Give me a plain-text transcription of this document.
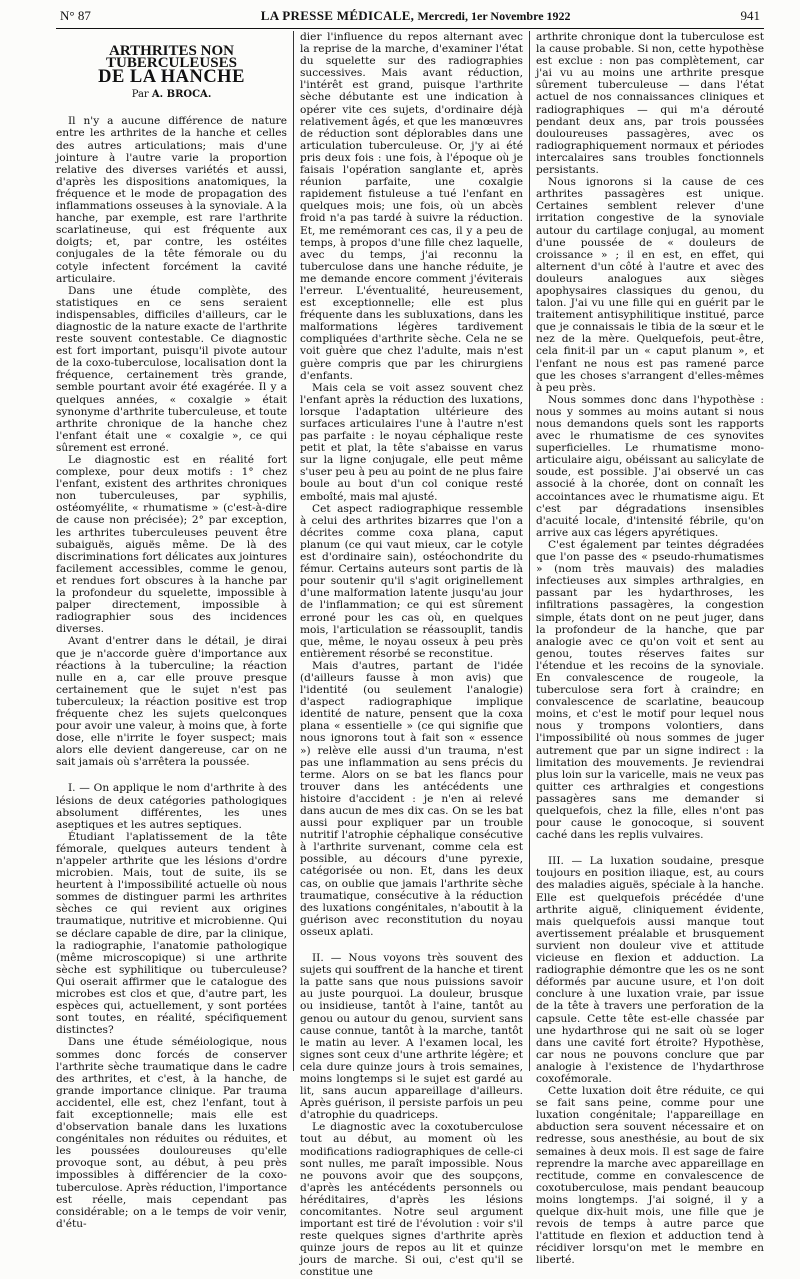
N° 87	LA PRESSE MÉDICALE, Mercredi, 1er Novembre 1922	941
ARTHRITES NON TUBERCULEUSES
DE LA HANCHE
Par A. BROCA.

Il n'y a aucune différence de nature entre les arthrites de la hanche et celles des autres articulations; mais d'une jointure à l'autre varie la proportion relative des diverses variétés et aussi, d'après les dispositions anatomiques, la fréquence et le mode de propagation des inflammations osseuses à la synoviale. A la hanche, par exemple, est rare l'arthrite scarlatineuse, qui est fréquente aux doigts; et, par contre, les ostéites conjugales de la tête fémorale ou du cotyle infectent forcément la cavité articulaire.

Dans une étude complète, des statistiques en ce sens seraient indispensables, difficiles d'ailleurs, car le diagnostic de la nature exacte de l'arthrite reste souvent contestable. Ce diagnostic est fort important, puisqu'il pivote autour de la coxo-tuberculose, localisation dont la fréquence, certainement très grande, semble pourtant avoir été exagérée. Il y a quelques années, « coxalgie » était synonyme d'arthrite tuberculeuse, et toute arthrite chronique de la hanche chez l'enfant était une « coxalgie », ce qui sûrement est erroné.

Le diagnostic est en réalité fort complexe, pour deux motifs : 1° chez l'enfant, existent des arthrites chroniques non tuberculeuses, par syphilis, ostéomyélite, « rhumatisme » (c'est-à-dire de cause non précisée); 2° par exception, les arthrites tuberculeuses peuvent être subaiguës, aiguës même. De là des discriminations fort délicates aux jointures facilement accessibles, comme le genou, et rendues fort obscures à la hanche par la profondeur du squelette, impossible à palper directement, impossible à radiographier sous des incidences diverses.

Avant d'entrer dans le détail, je dirai que je n'accorde guère d'importance aux réactions à la tuberculine; la réaction nulle en a, car elle prouve presque certainement que le sujet n'est pas tuberculeux; la réaction positive est trop fréquente chez les sujets quelconques pour avoir une valeur, à moins que, à forte dose, elle n'irrite le foyer suspect; mais alors elle devient dangereuse, car on ne sait jamais où s'arrêtera la poussée.

I. — On applique le nom d'arthrite à des lésions de deux catégories pathologiques absolument différentes, les unes aseptiques et les autres septiques.

Étudiant l'aplatissement de la tête fémorale, quelques auteurs tendent à n'appeler arthrite que les lésions d'ordre microbien. Mais, tout de suite, ils se heurtent à l'impossibilité actuelle où nous sommes de distinguer parmi les arthrites sèches ce qui revient aux origines traumatique, nutritive et microbienne. Qui se déclare capable de dire, par la clinique, la radiographie, l'anatomie pathologique (même microscopique) si une arthrite sèche est syphilitique ou tuberculeuse? Qui oserait affirmer que le catalogue des microbes est clos et que, d'autre part, les espèces qui, actuellement, y sont portées sont toutes, en réalité, spécifiquement distinctes?

Dans une étude séméiologique, nous sommes donc forcés de conserver l'arthrite sèche traumatique dans le cadre des arthrites, et c'est, à la hanche, de grande importance clinique. Par trauma accidentel, elle est, chez l'enfant, tout à fait exceptionnelle; mais elle est d'observation banale dans les luxations congénitales non réduites ou réduites, et les poussées douloureuses qu'elle provoque sont, au début, à peu près impossibles à différencier de la coxo-tuberculose. Après réduction, l'importance est réelle, mais cependant pas considérable; on a le temps de voir venir, d'étu-

dier l'influence du repos alternant avec la reprise de la marche, d'examiner l'état du squelette sur des radiographies successives. Mais avant réduction, l'intérêt est grand, puisque l'arthrite sèche débutante est une indication à opérer vite ces sujets, d'ordinaire déjà relativement âgés, et que les manœuvres de réduction sont déplorables dans une articulation tuberculeuse. Or, j'y ai été pris deux fois : une fois, à l'époque où je faisais l'opération sanglante et, après réunion parfaite, une coxalgie rapidement fistuleuse a tué l'enfant en quelques mois; une fois, où un abcès froid n'a pas tardé à suivre la réduction. Et, me remémorant ces cas, il y a peu de temps, à propos d'une fille chez laquelle, avec du temps, j'ai reconnu la tuberculose dans une hanche réduite, je me demande encore comment j'éviterais l'erreur. L'éventualité, heureusement, est exceptionnelle; elle est plus fréquente dans les subluxations, dans les malformations légères tardivement compliquées d'arthrite sèche. Cela ne se voit guère que chez l'adulte, mais n'est guère compris que par les chirurgiens d'enfants.

Mais cela se voit assez souvent chez l'enfant après la réduction des luxations, lorsque l'adaptation ultérieure des surfaces articulaires l'une à l'autre n'est pas parfaite : le noyau céphalique reste petit et plat, la tête s'abaisse en varus sur la ligne conjugale, elle peut même s'user peu à peu au point de ne plus faire boule au bout d'un col conique resté emboîté, mais mal ajusté.

Cet aspect radiographique ressemble à celui des arthrites bizarres que l'on a décrites comme coxa plana, caput planum (ce qui vaut mieux, car le cotyle est d'ordinaire sain), ostéochondrite du fémur. Certains auteurs sont partis de là pour soutenir qu'il s'agit originellement d'une malformation latente jusqu'au jour de l'inflammation; ce qui est sûrement erroné pour les cas où, en quelques mois, l'articulation se réassouplit, tandis que, même, le noyau osseux à peu près entièrement résorbé se reconstitue.

Mais d'autres, partant de l'idée (d'ailleurs fausse à mon avis) que l'identité (ou seulement l'analogie) d'aspect radiographique implique identité de nature, pensent que la coxa plana « essentielle » (ce qui signifie que nous ignorons tout à fait son « essence ») relève elle aussi d'un trauma, n'est pas une inflammation au sens précis du terme. Alors on se bat les flancs pour trouver dans les antécédents une histoire d'accident : je n'en ai relevé dans aucun de mes dix cas. On se les bat aussi pour expliquer par un trouble nutritif l'atrophie céphalique consécutive à l'arthrite survenant, comme cela est possible, au décours d'une pyrexie, catégorisée ou non. Et, dans les deux cas, on oublie que jamais l'arthrite sèche traumatique, consécutive à la réduction des luxations congénitales, n'aboutit à la guérison avec reconstitution du noyau osseux aplati.

II. — Nous voyons très souvent des sujets qui souffrent de la hanche et tirent la patte sans que nous puissions savoir au juste pourquoi. La douleur, brusque ou insidieuse, tantôt à l'aine, tantôt au genou ou autour du genou, survient sans cause connue, tantôt à la marche, tantôt le matin au lever. A l'examen local, les signes sont ceux d'une arthrite légère; et cela dure quinze jours à trois semaines, moins longtemps si le sujet est gardé au lit, sans aucun appareillage d'ailleurs. Après guérison, il persiste parfois un peu d'atrophie du quadriceps.

Le diagnostic avec la coxotuberculose tout au début, au moment où les modifications radiographiques de celle-ci sont nulles, me paraît impossible. Nous ne pouvons avoir que des soupçons, d'après les antécédents personnels ou héréditaires, d'après les lésions concomitantes. Notre seul argument important est tiré de l'évolution : voir s'il reste quelques signes d'arthrite après quinze jours de repos au lit et quinze jours de marche. Si oui, c'est qu'il se constitue une

arthrite chronique dont la tuberculose est la cause probable. Si non, cette hypothèse est exclue : non pas complètement, car j'ai vu au moins une arthrite presque sûrement tuberculeuse — dans l'état actuel de nos connaissances cliniques et radiographiques — qui m'a dérouté pendant deux ans, par trois poussées douloureuses passagères, avec os radiographiquement normaux et périodes intercalaires sans troubles fonctionnels persistants.

Nous ignorons si la cause de ces arthrites passagères est unique. Certaines semblent relever d'une irritation congestive de la synoviale autour du cartilage conjugal, au moment d'une poussée de « douleurs de croissance » ; il en est, en effet, qui alternent d'un côté à l'autre et avec des douleurs analogues aux sièges apophysaires classiques du genou, du talon. J'ai vu une fille qui en guérit par le traitement antisyphilitique institué, parce que je connaissais le tibia de la sœur et le nez de la mère. Quelquefois, peut-être, cela finit-il par un « caput planum », et l'enfant ne nous est pas ramené parce que les choses s'arrangent d'elles-mêmes à peu près.

Nous sommes donc dans l'hypothèse : nous y sommes au moins autant si nous nous demandons quels sont les rapports avec le rhumatisme de ces synovites superficielles. Le rhumatisme mono-articulaire aigu, obéissant au salicylate de soude, est possible. J'ai observé un cas associé à la chorée, dont on connaît les accointances avec le rhumatisme aigu. Et c'est par dégradations insensibles d'acuité locale, d'intensité fébrile, qu'on arrive aux cas légers apyrétiques.

C'est également par teintes dégradées que l'on passe des « pseudo-rhumatismes » (nom très mauvais) des maladies infectieuses aux simples arthralgies, en passant par les hydarthroses, les infiltrations passagères, la congestion simple, états dont on ne peut juger, dans la profondeur de la hanche, que par analogie avec ce qu'on voit et sent au genou, toutes réserves faites sur l'étendue et les recoins de la synoviale. En convalescence de rougeole, la tuberculose sera fort à craindre; en convalescence de scarlatine, beaucoup moins, et c'est le motif pour lequel nous nous y trompons volontiers, dans l'impossibilité où nous sommes de juger autrement que par un signe indirect : la limitation des mouvements. Je reviendrai plus loin sur la varicelle, mais ne veux pas quitter ces arthralgies et congestions passagères sans me demander si quelquefois, chez la fille, elles n'ont pas pour cause le gonocoque, si souvent caché dans les replis vulvaires.

III. — La luxation soudaine, presque toujours en position iliaque, est, au cours des maladies aiguës, spéciale à la hanche. Elle est quelquefois précédée d'une arthrite aiguë, cliniquement évidente, mais quelquefois aussi manque tout avertissement préalable et brusquement survient non douleur vive et attitude vicieuse en flexion et adduction. La radiographie démontre que les os ne sont déformés par aucune usure, et l'on doit conclure à une luxation vraie, par issue de la tête à travers une perforation de la capsule. Cette tête est-elle chassée par une hydarthrose qui ne sait où se loger dans une cavité fort étroite? Hypothèse, car nous ne pouvons conclure que par analogie à l'existence de l'hydarthrose coxofémorale.

Cette luxation doit être réduite, ce qui se fait sans peine, comme pour une luxation congénitale; l'appareillage en abduction sera souvent nécessaire et on redresse, sous anesthésie, au bout de six semaines à deux mois. Il est sage de faire reprendre la marche avec appareillage en rectitude, comme en convalescence de coxotuberculose, mais pendant beaucoup moins longtemps. J'ai soigné, il y a quelque dix-huit mois, une fille que je revois de temps à autre parce que l'attitude en flexion et adduction tend à récidiver lorsqu'on met le membre en liberté.
